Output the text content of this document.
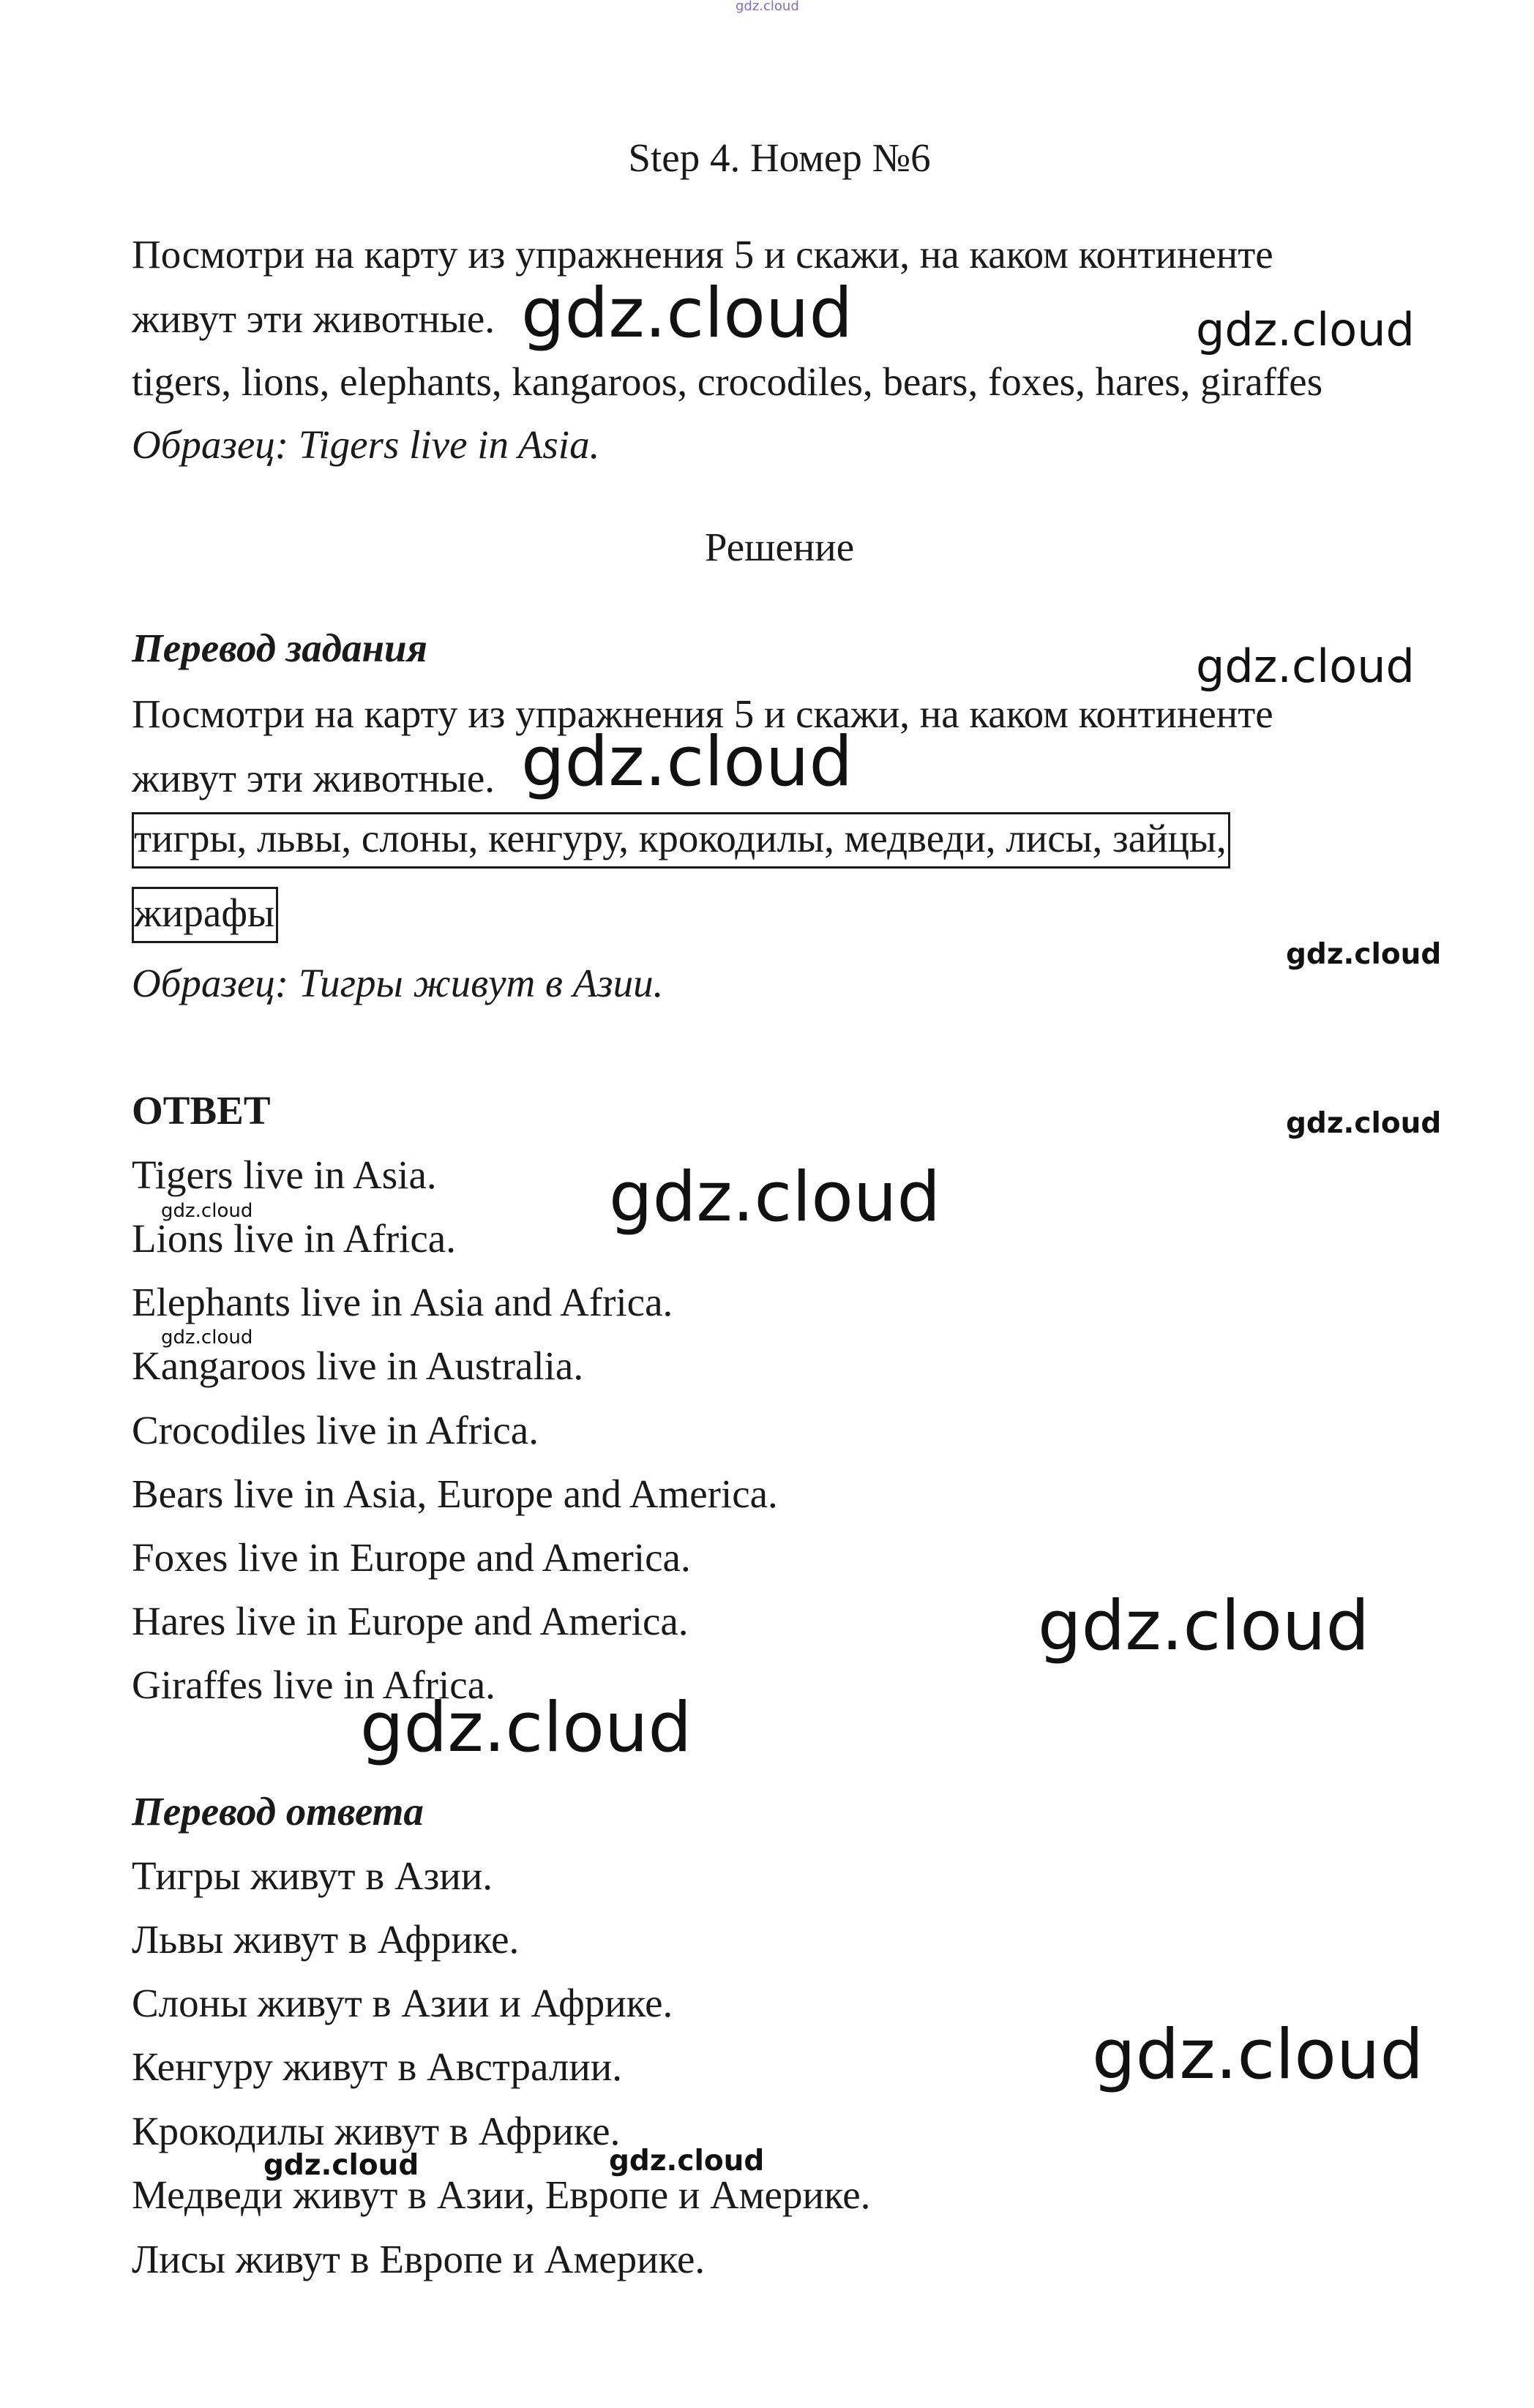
Step 4. Номер №6
Посмотри на карту из упражнения 5 и скажи, на каком континенте
живут эти животные.
tigers, lions, elephants, kangaroos, crocodiles, bears, foxes, hares, giraffes
Образец: Tigers live in Asia.
Решение
Перевод задания
Посмотри на карту из упражнения 5 и скажи, на каком континенте
живут эти животные.
тигры, львы, слоны, кенгуру, крокодилы, медведи, лисы, зайцы,
жирафы
Образец: Тигры живут в Азии.
ОТВЕТ
Tigers live in Asia.
Lions live in Africa.
Elephants live in Asia and Africa.
Kangaroos live in Australia.
Crocodiles live in Africa.
Bears live in Asia, Europe and America.
Foxes live in Europe and America.
Hares live in Europe and America.
Giraffes live in Africa.
Перевод ответа
Тигры живут в Азии.
Львы живут в Африке.
Слоны живут в Азии и Африке.
Кенгуру живут в Австралии.
Крокодилы живут в Африке.
Медведи живут в Азии, Европе и Америке.
Лисы живут в Европе и Америке.
gdz.cloud
gdz.cloud	gdz.cloud
gdz.cloud
gdz.cloud
gdz.cloud
gdz.cloud
gdz.cloud
gdz.cloud
gdz.cloud
gdz.cloud
gdz.cloud
gdz.cloud
gdz.cloud	gdz.cloud
